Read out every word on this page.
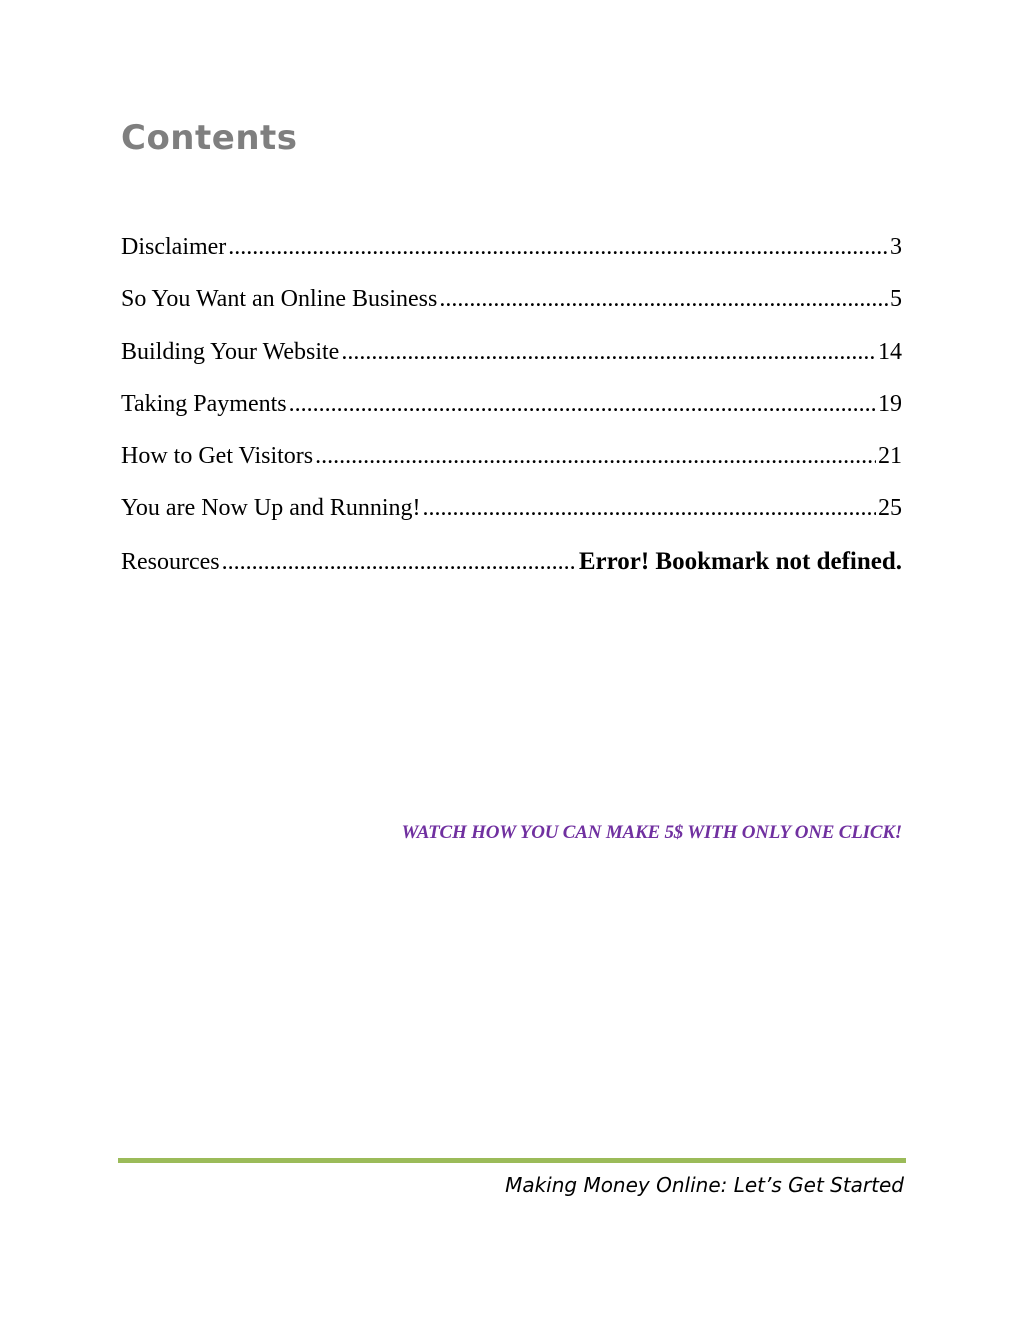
Contents
Disclaimer .....	3
So You Want an Online Business .....	5
Building Your Website .....	14
Taking Payments .....	19
How to Get Visitors .....	21
You are Now Up and Running! .....	25
Resources .....	Error! Bookmark not defined.
WATCH HOW YOU CAN MAKE 5$ WITH ONLY ONE CLICK!
Making Money Online: Let’s Get Started
